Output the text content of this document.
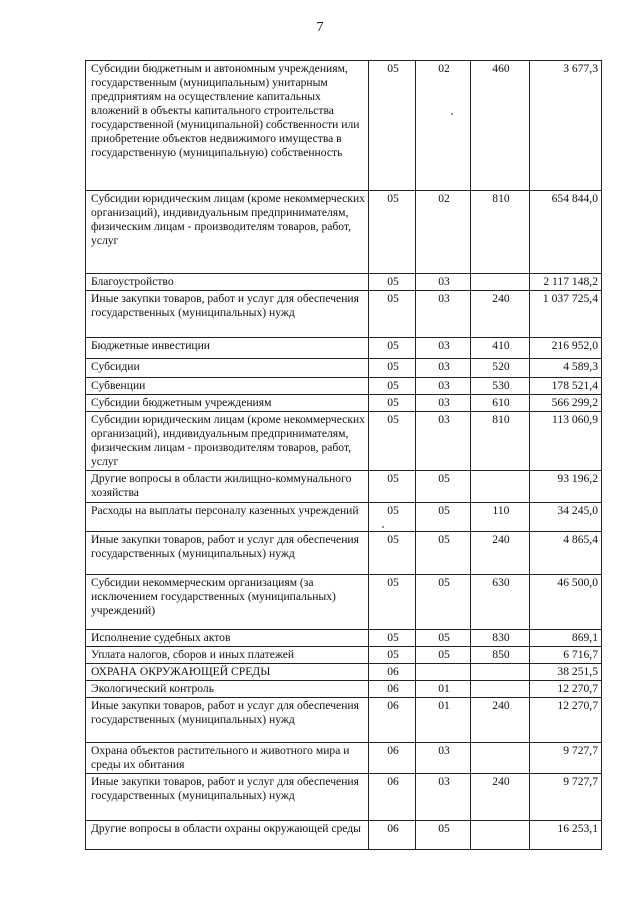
7
Субсидии бюджетным и автономным учреждениям, государственным (муниципальным) унитарным предприятиям на осуществление капитальных вложений в объекты капитального строительства государственной (муниципальной) собственности или приобретение объектов недвижимого имущества в государственную (муниципальную) собственность	05	02	460	3 677,3
Субсидии юридическим лицам (кроме некоммерческих организаций), индивидуальным предпринимателям, физическим лицам - производителям товаров, работ, услуг	05	02	810	654 844,0
Благоустройство	05	03		2 117 148,2
Иные закупки товаров, работ и услуг для обеспечения государственных (муниципальных) нужд	05	03	240	1 037 725,4
Бюджетные инвестиции	05	03	410	216 952,0
Субсидии	05	03	520	4 589,3
Субвенции	05	03	530	178 521,4
Субсидии бюджетным учреждениям	05	03	610	566 299,2
Субсидии юридическим лицам (кроме некоммерческих организаций), индивидуальным предпринимателям, физическим лицам - производителям товаров, работ, услуг	05	03	810	113 060,9
Другие вопросы в области жилищно-коммунального хозяйства	05	05		93 196,2
Расходы на выплаты персоналу казенных учреждений	05	05	110	34 245,0
Иные закупки товаров, работ и услуг для обеспечения государственных (муниципальных) нужд	05	05	240	4 865,4
Субсидии некоммерческим организациям (за исключением государственных (муниципальных) учреждений)	05	05	630	46 500,0
Исполнение судебных актов	05	05	830	869,1
Уплата налогов, сборов и иных платежей	05	05	850	6 716,7
ОХРАНА ОКРУЖАЮЩЕЙ СРЕДЫ	06			38 251,5
Экологический контроль	06	01		12 270,7
Иные закупки товаров, работ и услуг для обеспечения государственных (муниципальных) нужд	06	01	240	12 270,7
Охрана объектов растительного и животного мира и среды их обитания	06	03		9 727,7
Иные закупки товаров, работ и услуг для обеспечения государственных (муниципальных) нужд	06	03	240	9 727,7
Другие вопросы в области охраны окружающей среды	06	05		16 253,1
